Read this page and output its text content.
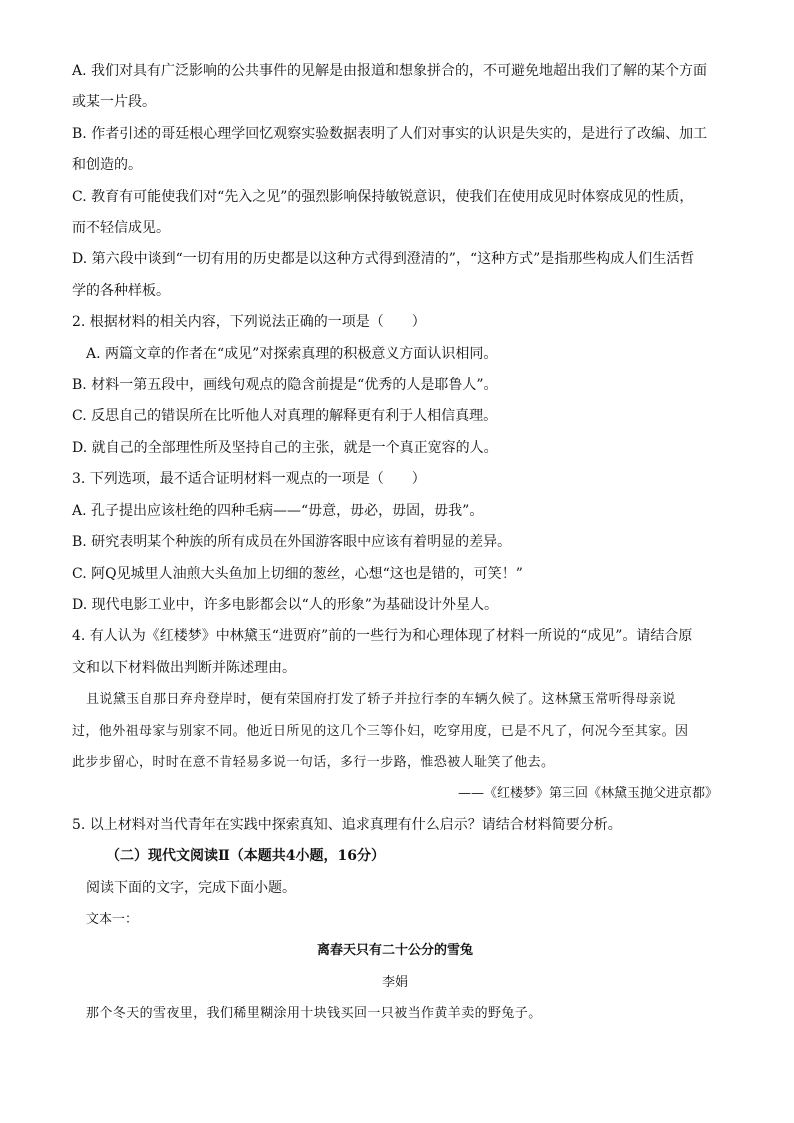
A. 我们对具有广泛影响的公共事件的见解是由报道和想象拼合的，不可避免地超出我们了解的某个方面
或某一片段。
B. 作者引述的哥廷根心理学回忆观察实验数据表明了人们对事实的认识是失实的，是进行了改编、加工
和创造的。
C. 教育有可能使我们对“先入之见”的强烈影响保持敏锐意识，使我们在使用成见时体察成见的性质，
而不轻信成见。
D. 第六段中谈到“一切有用的历史都是以这种方式得到澄清的”，“这种方式”是指那些构成人们生活哲
学的各种样板。
2. 根据材料的相关内容，下列说法正确的一项是（　　）
A. 两篇文章的作者在“成见”对探索真理的积极意义方面认识相同。
B. 材料一第五段中，画线句观点的隐含前提是“优秀的人是耶鲁人”。
C. 反思自己的错误所在比听他人对真理的解释更有利于人相信真理。
D. 就自己的全部理性所及坚持自己的主张，就是一个真正宽容的人。
3. 下列选项，最不适合证明材料一观点的一项是（　　）
A. 孔子提出应该杜绝的四种毛病——“毋意，毋必，毋固，毋我”。
B. 研究表明某个种族的所有成员在外国游客眼中应该有着明显的差异。
C. 阿Q见城里人油煎大头鱼加上切细的葱丝，心想“这也是错的，可笑！”
D. 现代电影工业中，许多电影都会以“人的形象”为基础设计外星人。
4. 有人认为《红楼梦》中林黛玉“进贾府”前的一些行为和心理体现了材料一所说的“成见”。请结合原
文和以下材料做出判断并陈述理由。
且说黛玉自那日弃舟登岸时，便有荣国府打发了轿子并拉行李的车辆久候了。这林黛玉常听得母亲说
过，他外祖母家与别家不同。他近日所见的这几个三等仆妇，吃穿用度，已是不凡了，何况今至其家。因
此步步留心，时时在意不肯轻易多说一句话，多行一步路，惟恐被人耻笑了他去。
——《红楼梦》第三回《林黛玉抛父进京都》
5. 以上材料对当代青年在实践中探索真知、追求真理有什么启示？请结合材料简要分析。
（二）现代文阅读Ⅱ（本题共4小题，16分）
阅读下面的文字，完成下面小题。
文本一：
离春天只有二十公分的雪兔
李娟
那个冬天的雪夜里，我们稀里糊涂用十块钱买回一只被当作黄羊卖的野兔子。
